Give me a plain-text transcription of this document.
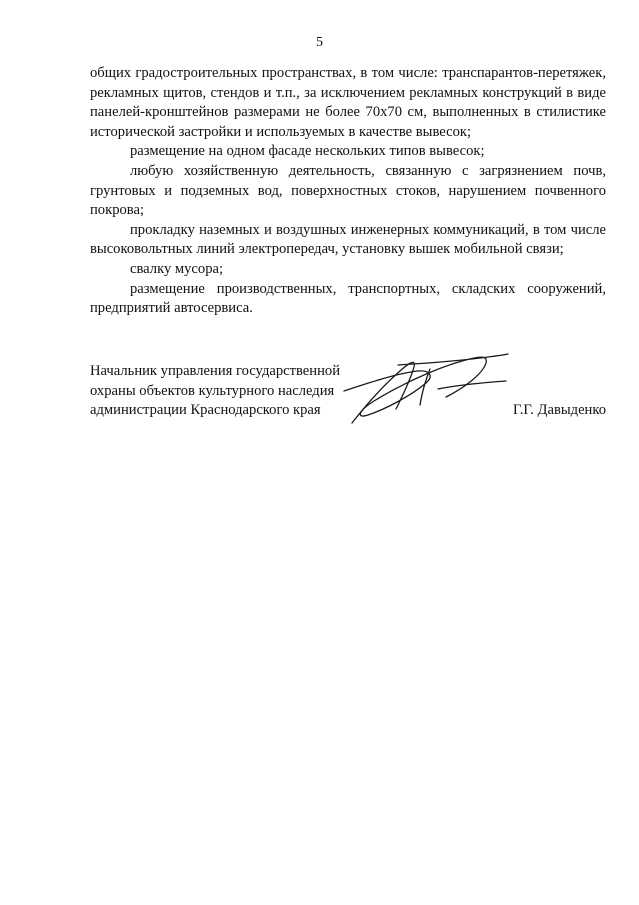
5

общих градостроительных пространствах, в том числе: транспарантов-перетяжек, рекламных щитов, стендов и т.п., за исключением рекламных конструкций в виде панелей-кронштейнов размерами не более 70х70 см, выполненных в стилистике исторической застройки и используемых в качестве вывесок;

размещение на одном фасаде нескольких типов вывесок;

любую хозяйственную деятельность, связанную с загрязнением почв, грунтовых и подземных вод, поверхностных стоков, нарушением почвенного покрова;

прокладку наземных и воздушных инженерных коммуникаций, в том числе высоковольтных линий электропередач, установку вышек мобильной связи;

свалку мусора;

размещение производственных, транспортных, складских сооружений, предприятий автосервиса.

Начальник управления государственной
охраны объектов культурного наследия
администрации Краснодарского края	Г.Г. Давыденко
